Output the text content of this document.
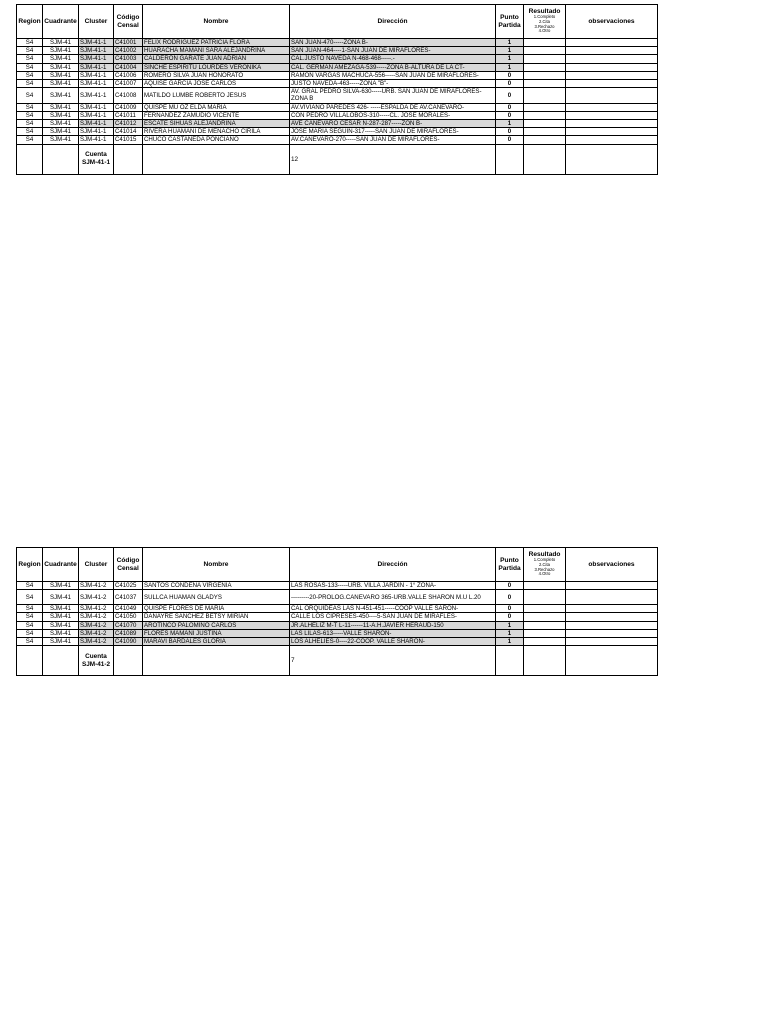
Region	Cuadrante	Cluster	Código Censal	Nombre	Dirección	Punto Partida	Resultado
1.Completo
2.Cita
3.Rechazo
4.Otro	observaciones
S4	SJM-41	SJM-41-1	C41001	FELIX RODRIGUEZ PATRICIA FLORA	SAN JUAN-470-----ZONA B-	1		
S4	SJM-41	SJM-41-1	C41002	HUARACHA MAMANI SARA ALEJANDRINA	SAN JUAN-464----1-SAN JUAN DE MIRAFLORES-	1		
S4	SJM-41	SJM-41-1	C41003	CALDERON GARATE JUAN ADRIAN	CAL.JUSTO NAVEDA N-468-468-----.-	1		
S4	SJM-41	SJM-41-1	C41004	SINCHE ESPIRITU LOURDES VERONIKA	CAL. GERMAN AMEZAGA-539-----ZONA B-ALTURA DE LA CT-	1		
S4	SJM-41	SJM-41-1	C41006	ROMERO SILVA JUAN HONORATO	RAMON VARGAS MACHUCA-556-----SAN JUAN DE MIRAFLORES-	0		
S4	SJM-41	SJM-41-1	C41007	AQUISE GARCIA JOSE CARLOS	JUSTO NAVEDA-463-----ZONA "B"-	0		
S4	SJM-41	SJM-41-1	C41008	MATILDO LUMBE ROBERTO JESUS	AV. GRAL PEDRO SILVA-630-----URB. SAN JUAN DE MIRAFLORES-ZONA B	0		
S4	SJM-41	SJM-41-1	C41009	QUISPE MU OZ ELDA MARIA	AV.VIVIANO PAREDES 426- -----ESPALDA DE AV.CANEVARO-	0		
S4	SJM-41	SJM-41-1	C41011	FERNANDEZ ZAMUDIO VICENTE	CON PEDRO VILLALOBOS-310-----CL. JOSE MORALES-	0		
S4	SJM-41	SJM-41-1	C41012	ESCATE SIHUAS ALEJANDRINA	AVE CANEVARO CESAR N-287-287-----ZON B-	1		
S4	SJM-41	SJM-41-1	C41014	RIVERA HUAMANI DE MENACHO CIRILA	JOSE MARIA SEGUIN-317-----SAN JUAN DE MIRAFLORES-	0		
S4	SJM-41	SJM-41-1	C41015	CHUCO CASTAÑEDA PONCIANO	AV.CANEVARO-270-----SAN JUAN DE MIRAFLORES-	0		
		Cuenta SJM-41-1			12			
Region	Cuadrante	Cluster	Código Censal	Nombre	Dirección	Punto Partida	Resultado
1.Completo
2.Cita
3.Rechazo
4.Otro	observaciones
S4	SJM-41	SJM-41-2	C41025	SANTOS CONDENA VIRGENIA	LAS ROSAS-133-----URB. VILLA JARDIN - 1° ZONA-	0		
S4	SJM-41	SJM-41-2	C41037	SULLCA HUAMAN GLADYS	---------20-PROLOG.CANEVARO 365-URB.VALLE SHARON M.U L.20	0		
S4	SJM-41	SJM-41-2	C41049	QUISPE FLORES DE MARIA	CAL ORQUIDEAS LAS N-451-451-----COOP VALLE SARON-	0		
S4	SJM-41	SJM-41-2	C41050	DANAYRE SANCHEZ BETSY MIRIAN	CALLE LOS CIPRESES-450----5-SAN JUAN DE MIRAFLES-	0		
S4	SJM-41	SJM-41-2	C41070	AROTINCO PALOMINO CARLOS	JR.ALHELIZ M-T L-11------11-A.H.JAVIER HERAUD-150	1		
S4	SJM-41	SJM-41-2	C41089	FLORES MAMANI JUSTINA	LAS LILAS-613-----VALLE SHARON-	1		
S4	SJM-41	SJM-41-2	C41090	MARAVI BARDALES GLORIA	LOS ALHELIES-0----22-COOP. VALLE SHARON-	1		
		Cuenta SJM-41-2			7			
